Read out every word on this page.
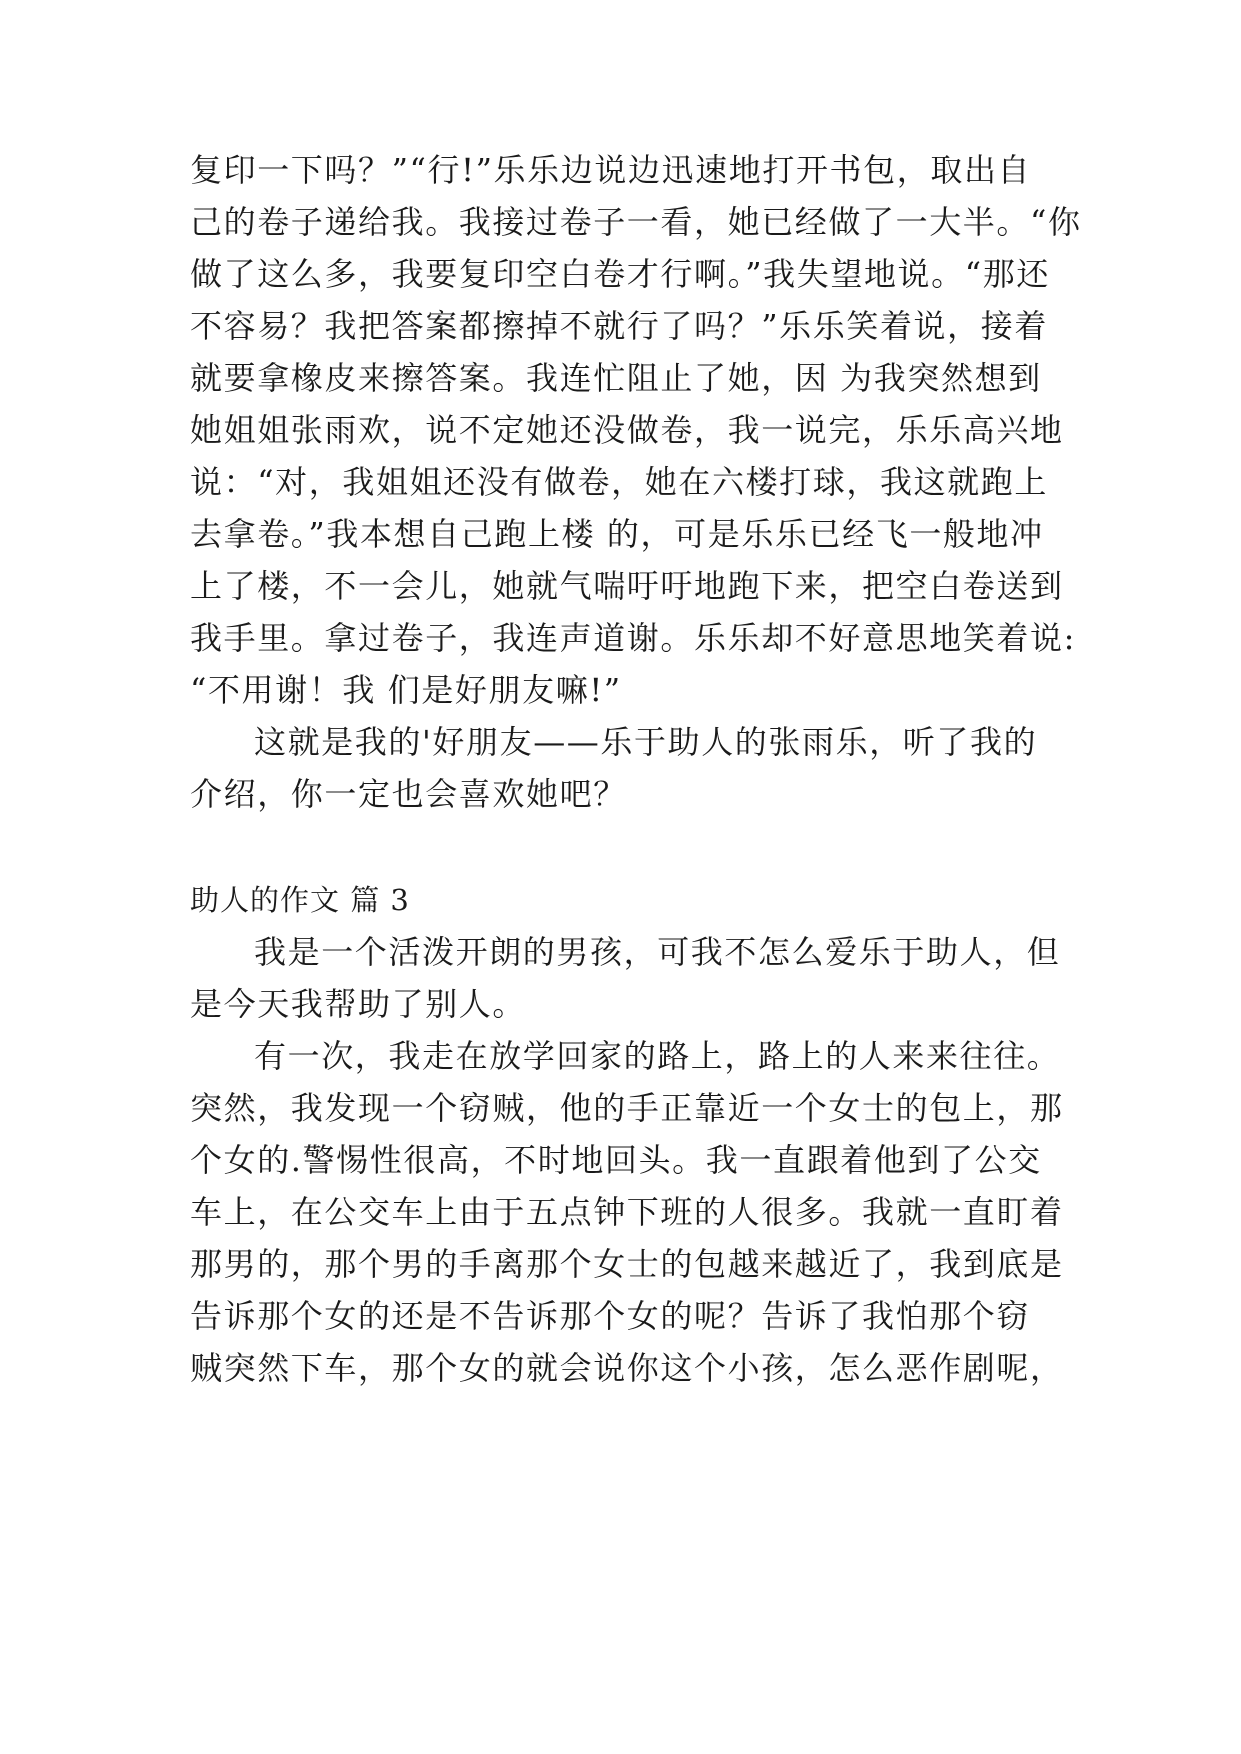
复印一下吗？”“行!”乐乐边说边迅速地打开书包，取出自
己的卷子递给我。我接过卷子一看，她已经做了一大半。“你
做了这么多，我要复印空白卷才行啊。”我失望地说。“那还
不容易？我把答案都擦掉不就行了吗？”乐乐笑着说，接着
就要拿橡皮来擦答案。我连忙阻止了她，因 为我突然想到
她姐姐张雨欢，说不定她还没做卷，我一说完，乐乐高兴地
说：“对，我姐姐还没有做卷，她在六楼打球，我这就跑上
去拿卷。”我本想自己跑上楼 的，可是乐乐已经飞一般地冲
上了楼，不一会儿，她就气喘吁吁地跑下来，把空白卷送到
我手里。拿过卷子，我连声道谢。乐乐却不好意思地笑着说:
“不用谢！我 们是好朋友嘛!”
这就是我的'好朋友——乐于助人的张雨乐，听了我的
介绍，你一定也会喜欢她吧？
助人的作文 篇 3
我是一个活泼开朗的男孩，可我不怎么爱乐于助人，但
是今天我帮助了别人。
有一次，我走在放学回家的路上，路上的人来来往往。
突然，我发现一个窃贼，他的手正靠近一个女士的包上，那
个女的.警惕性很高，不时地回头。我一直跟着他到了公交
车上，在公交车上由于五点钟下班的人很多。我就一直盯着
那男的，那个男的手离那个女士的包越来越近了，我到底是
告诉那个女的还是不告诉那个女的呢？告诉了我怕那个窃
贼突然下车，那个女的就会说你这个小孩，怎么恶作剧呢，
